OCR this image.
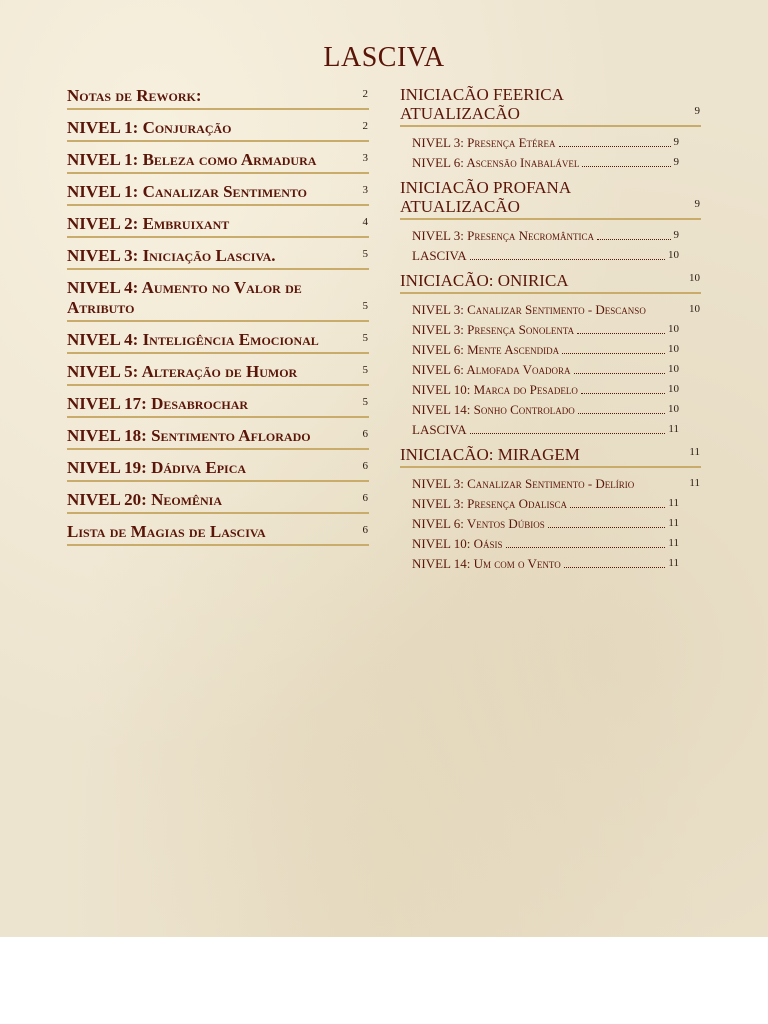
LASCIVA
Notas de Rework:	2
NIVEL 1: Conjuração	2
NIVEL 1: Beleza como Armadura	3
NIVEL 1: Canalizar Sentimento	3
NIVEL 2: Embruixant	4
NIVEL 3: Iniciação Lasciva.	5
NIVEL 4: Aumento no Valor de Atributo	5
NIVEL 4: Inteligência Emocional	5
NIVEL 5: Alteração de Humor	5
NIVEL 17: Desabrochar	5
NIVEL 18: Sentimento Aflorado	6
NIVEL 19: Dádiva Epica	6
NIVEL 20: Neomênia	6
Lista de Magias de Lasciva	6
INICIACÃO FEERICA ATUALIZACÃO	9
NIVEL 3: Presença Etérea	9
NIVEL 6: Ascensão Inabalável	9
INICIACÃO PROFANA ATUALIZACÃO	9
NIVEL 3: Presença Necromântica	9
LASCIVA	10
INICIACÃO: ONIRICA	10
NIVEL 3: Canalizar Sentimento - Descanso	10
NIVEL 3: Presença Sonolenta	10
NIVEL 6: Mente Ascendida	10
NIVEL 6: Almofada Voadora	10
NIVEL 10: Marca do Pesadelo	10
NIVEL 14: Sonho Controlado	10
LASCIVA	11
INICIACÃO: MIRAGEM	11
NIVEL 3: Canalizar Sentimento - Delírio	11
NIVEL 3: Presença Odalisca	11
NIVEL 6: Ventos Dúbios	11
NIVEL 10: Oásis	11
NIVEL 14: Um com o Vento	11
